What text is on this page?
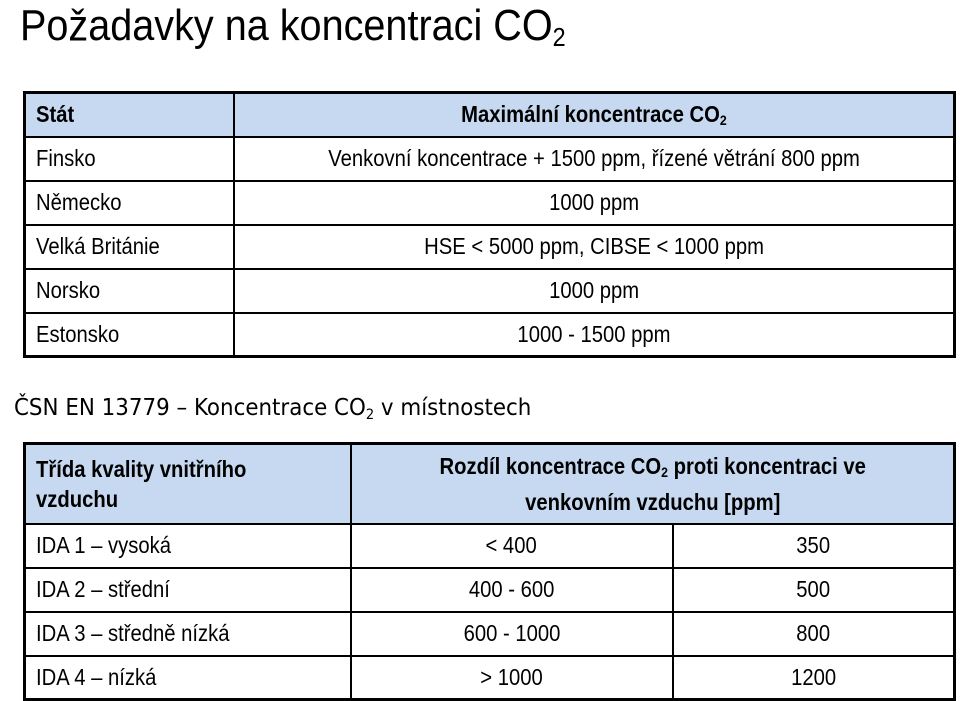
Požadavky na koncentraci $CO_2$
Stát	Maximální koncentrace $CO_2$
Finsko	Venkovní koncentrace + 1500 ppm, řízené větrání 800 ppm
Německo	1000 ppm
Velká Británie	HSE < 5000 ppm, CIBSE < 1000 ppm
Norsko	1000 ppm
Estonsko	1000 - 1500 ppm
ČSN EN 13779 – Koncentrace $CO_2$ v místnostech
Třída kvality vnitřního vzduchu	Rozdíl koncentrace $CO_2$ proti koncentraci ve venkovním vzduchu [ppm]	
IDA 1 – vysoká	< 400	350
IDA 2 – střední	400 - 600	500
IDA 3 – středně nízká	600 - 1000	800
IDA 4 – nízká	> 1000	1200
